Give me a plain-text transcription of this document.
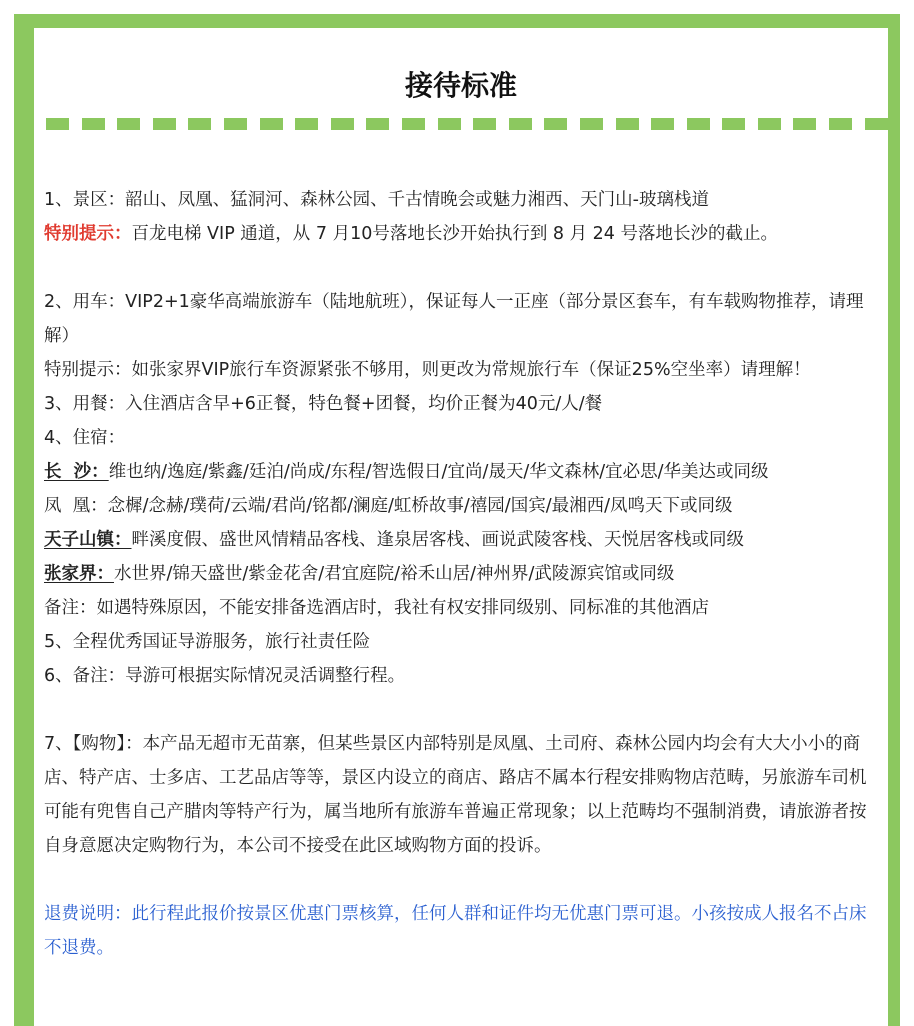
接待标准
1、景区：韶山、凤凰、猛洞河、森林公园、千古情晚会或魅力湘西、天门山-玻璃栈道
特别提示：百龙电梯 VIP 通道，从 7 月10号落地长沙开始执行到 8 月 24 号落地长沙的截止。
2、用车：VIP2+1豪华高端旅游车（陆地航班），保证每人一正座（部分景区套车，有车载购物推荐，请理解）
特别提示：如张家界VIP旅行车资源紧张不够用，则更改为常规旅行车（保证25%空坐率）请理解！
3、用餐：入住酒店含早+6正餐，特色餐+团餐，均价正餐为40元/人/餐
4、住宿：
长  沙：维也纳/逸庭/紫鑫/廷泊/尚成/东程/智选假日/宜尚/晟天/华文森林/宜必思/华美达或同级
凤  凰：念樨/念赫/璞荷/云端/君尚/铭都/澜庭/虹桥故事/禧园/国宾/最湘西/凤鸣天下或同级
天子山镇：畔溪度假、盛世风情精品客栈、逢泉居客栈、画说武陵客栈、天悦居客栈或同级
张家界：水世界/锦天盛世/紫金花舍/君宜庭院/裕禾山居/神州界/武陵源宾馆或同级
备注：如遇特殊原因，不能安排备选酒店时，我社有权安排同级别、同标准的其他酒店
5、全程优秀国证导游服务，旅行社责任险
6、备注：导游可根据实际情况灵活调整行程。
7、【购物】：本产品无超市无苗寨，但某些景区内部特别是凤凰、土司府、森林公园内均会有大大小小的商店、特产店、士多店、工艺品店等等，景区内设立的商店、路店不属本行程安排购物店范畴，另旅游车司机可能有兜售自己产腊肉等特产行为，属当地所有旅游车普遍正常现象；以上范畴均不强制消费，请旅游者按自身意愿决定购物行为，本公司不接受在此区域购物方面的投诉。
退费说明：此行程此报价按景区优惠门票核算，任何人群和证件均无优惠门票可退。小孩按成人报名不占床不退费。
